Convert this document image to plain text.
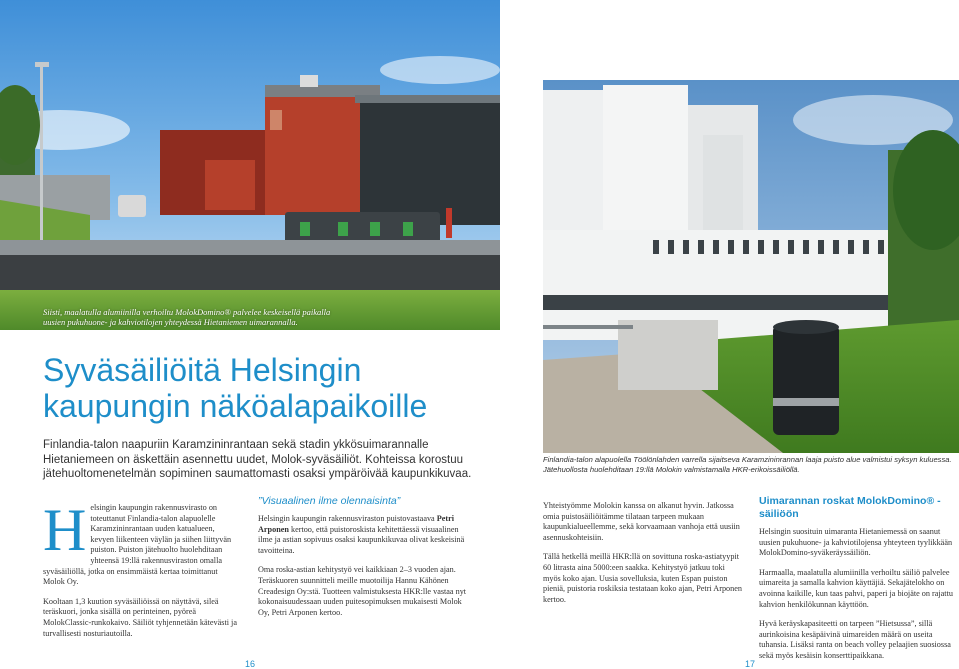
Siisti, maalatulla alumiinilla verhoiltu MolokDomino® palvelee keskeisellä paikalla uusien pukuhuone- ja kahviotilojen yhteydessä Hietaniemen uimarannalla.
Syväsäiliöitä Helsingin
kaupungin näköalapaikoille
Finlandia-talon naapuriin Karamzininrantaan sekä stadin ykkösuimarannalle Hietaniemeen on äskettäin asennettu uudet, Molok-syväsäiliöt. Kohteissa korostuu jätehuoltomenetelmän sopiminen saumattomasti osaksi ympäröivää kaupunkikuvaa.
H elsingin kaupungin rakennusvirasto on toteuttanut Finlandia-talon alapuolelle Karamzininrantaan uuden katualueen, kevyen liikenteen väylän ja siihen liittyvän puiston. Puiston jätehuolto huolehditaan yhteensä 19:llä rakennusviraston omalla syväsäiliöllä, jotka on ensimmäistä kertaa toimittanut Molok Oy.

Kooltaan 1,3 kuution syväsäiliöissä on näyttävä, sileä teräskuori, jonka sisällä on perinteinen, pyöreä MolokClassic-runkokaivo. Säiliöt tyhjennetään kätevästi ja turvallisesti nosturiautoilla.

”Visuaalinen ilme olennaisinta”

Helsingin kaupungin rakennusviraston puistovastaava Petri Arponen kertoo, että puistoroskista kehitettäessä visuaalinen ilme ja astian sopivuus osaksi kaupunkikuvaa olivat keskeisinä tavoitteina.

Oma roska-astian kehitystyö vei kaikkiaan 2–3 vuoden ajan. Teräskuoren suunnitteli meille muotoilija Hannu Kähönen Creadesign Oy:stä. Tuotteen valmistuksesta HKR:lle vastaa nyt kokonaisuudessaan uuden puitesopimuksen mukaisesti Molok Oy, Petri Arponen kertoo.

16
Finlandia-talon alapuolella Töölönlahden varrella sijaitseva Karamzininrannan laaja puisto alue valmistui syksyn kuluessa. Jätehuollosta huolehditaan 19:llä Molokin valmistamalla HKR-erikoissäiliöllä.

Yhteistyömme Molokin kanssa on alkanut hyvin. Jatkossa omia puistosäiliöitämme tilataan tarpeen mukaan kaupunkialueellemme, sekä korvaamaan vanhoja että uusiin asennuskohteisiin.

Tällä hetkellä meillä HKR:llä on sovittuna roska-astiatyypit 60 litrasta aina 5000:een saakka. Kehitystyö jatkuu toki myös koko ajan. Uusia sovelluksia, kuten Espan puiston pieniä, puistoria roskiksia testataan koko ajan, Petri Arponen kertoo.

Uimarannan roskat MolokDomino® -säiliöön

Helsingin suosituin uimaranta Hietaniemessä on saanut uusien pukuhuone- ja kahviotilojensa yhteyteen tyylikkään MolokDomino-syväkeräyssäiliön.

Harmaalla, maalatulla alumiinilla verhoiltu säiliö palvelee uimareita ja samalla kahvion käyttäjiä. Sekajätelokho on avoinna kaikille, kun taas pahvi, paperi ja biojäte on rajattu kahvion henkilökunnan käyttöön.

Hyvä keräyskapasiteetti on tarpeen ”Hietsussa”, sillä aurinkoisina kesäpäivinä uimareiden määrä on useita tuhansia. Lisäksi ranta on beach volley pelaajien suosiossa sekä myös kesäisin konserttipaikkana.

17
